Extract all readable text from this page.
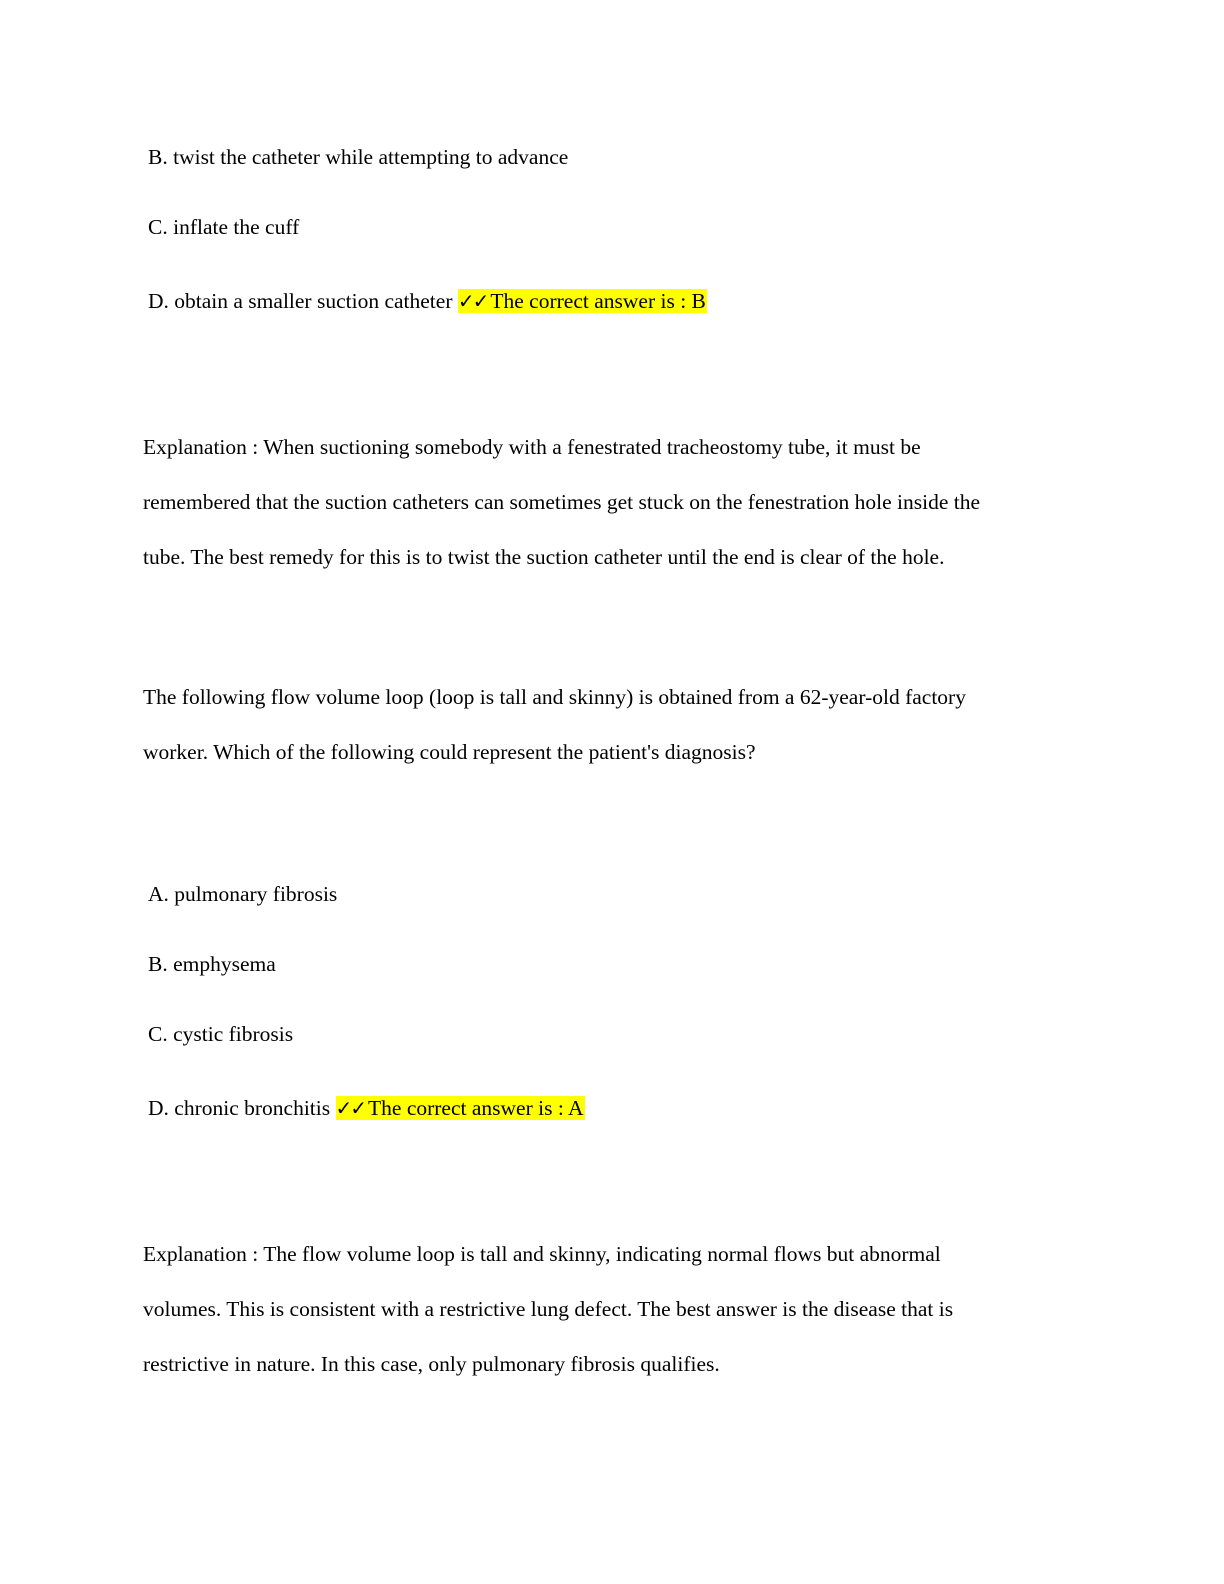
B. twist the catheter while attempting to advance
C. inflate the cuff
D. obtain a smaller suction catheter ✓✓ The correct answer is : B
Explanation : When suctioning somebody with a fenestrated tracheostomy tube, it must be
remembered that the suction catheters can sometimes get stuck on the fenestration hole inside the
tube. The best remedy for this is to twist the suction catheter until the end is clear of the hole.
The following flow volume loop (loop is tall and skinny) is obtained from a 62-year-old factory
worker. Which of the following could represent the patient's diagnosis?
A. pulmonary fibrosis
B. emphysema
C. cystic fibrosis
D. chronic bronchitis ✓✓ The correct answer is : A
Explanation : The flow volume loop is tall and skinny, indicating normal flows but abnormal
volumes. This is consistent with a restrictive lung defect. The best answer is the disease that is
restrictive in nature. In this case, only pulmonary fibrosis qualifies.
